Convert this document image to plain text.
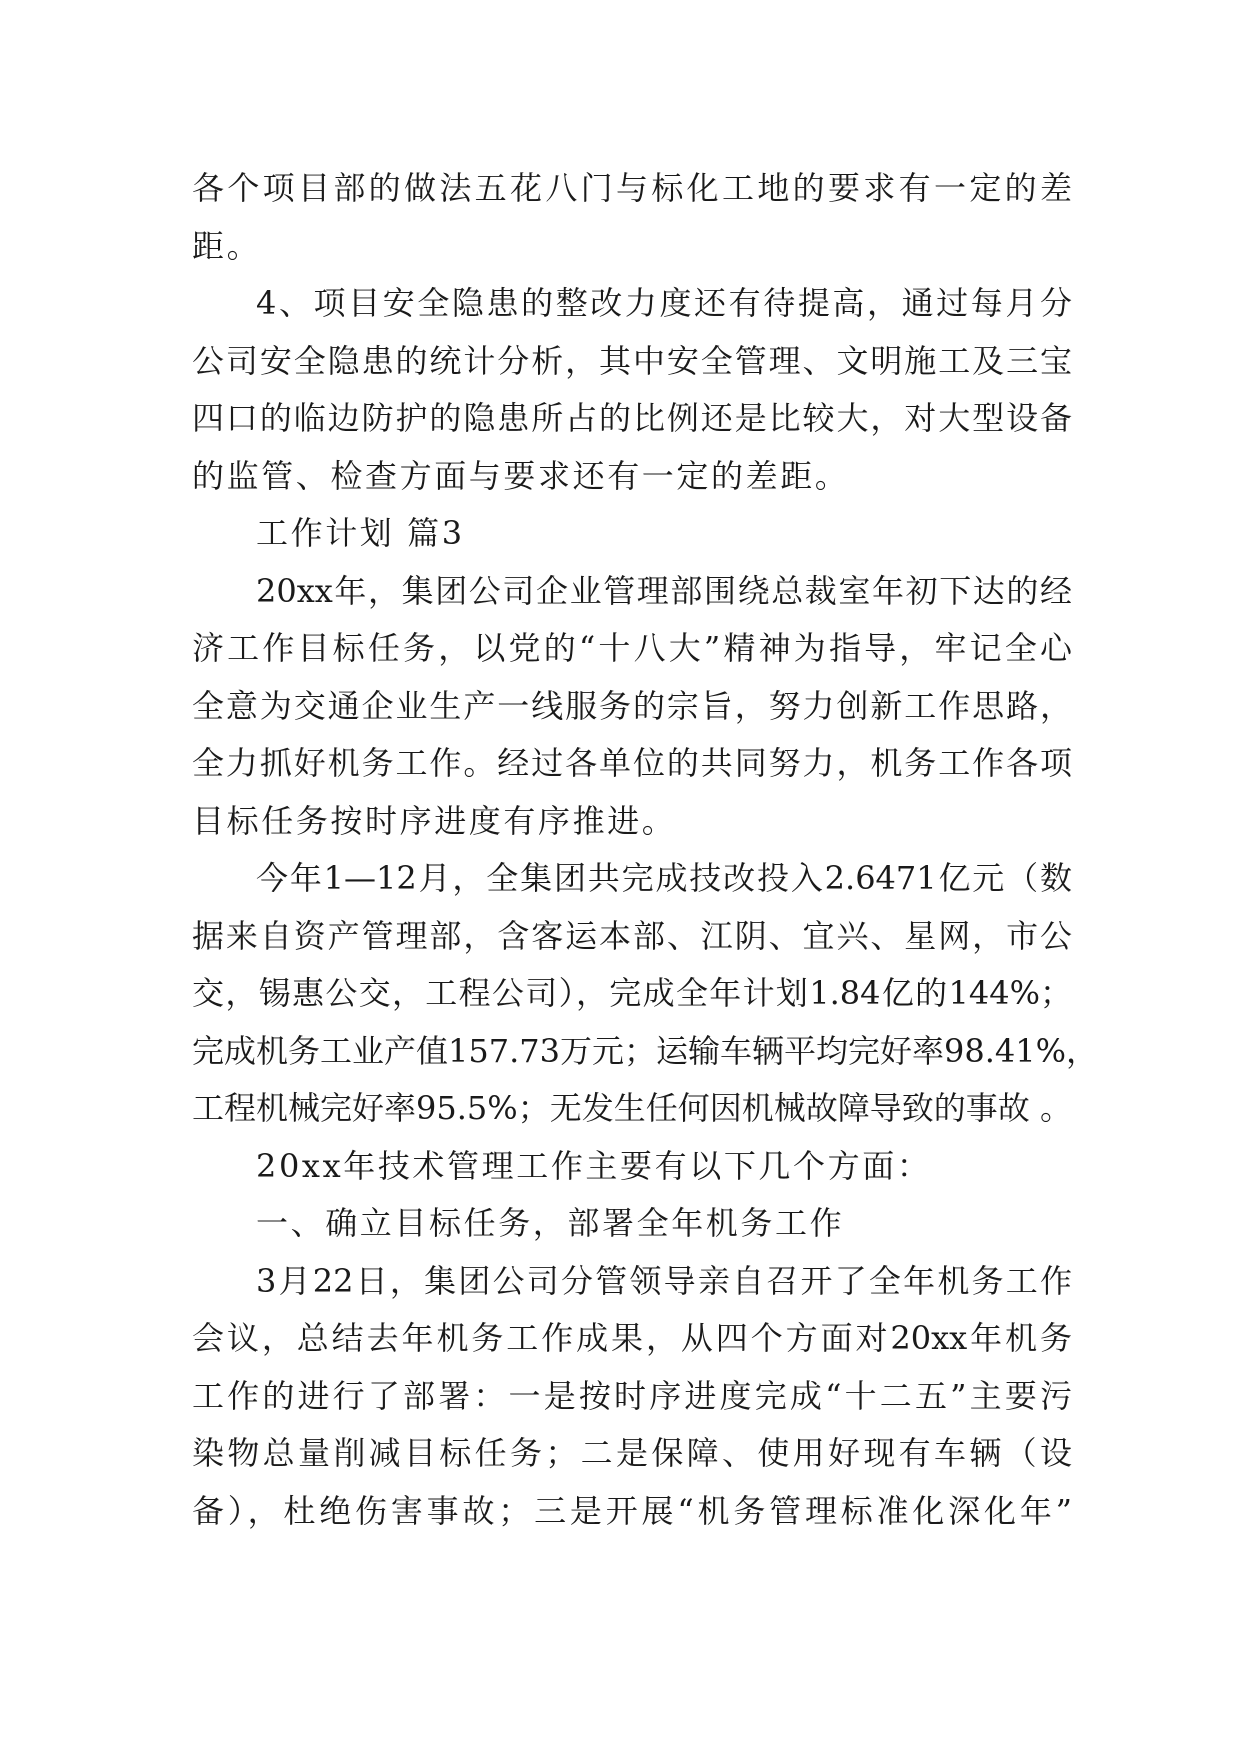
各个项目部的做法五花八门与标化工地的要求有一定的差
距。
4、项目安全隐患的整改力度还有待提高，通过每月分
公司安全隐患的统计分析，其中安全管理、文明施工及三宝
四口的临边防护的隐患所占的比例还是比较大，对大型设备
的监管、检查方面与要求还有一定的差距。
工作计划 篇3
20xx年，集团公司企业管理部围绕总裁室年初下达的经
济工作目标任务，以党的“十八大”精神为指导，牢记全心
全意为交通企业生产一线服务的宗旨，努力创新工作思路，
全力抓好机务工作。经过各单位的共同努力，机务工作各项
目标任务按时序进度有序推进。
今年1—12月，全集团共完成技改投入2.6471亿元（数
据来自资产管理部，含客运本部、江阴、宜兴、星网，市公
交，锡惠公交，工程公司），完成全年计划1.84亿的144%；
完成机务工业产值157.73万元；运输车辆平均完好率98.41%，
工程机械完好率95.5%；无发生任何因机械故障导致的事故 。
20xx年技术管理工作主要有以下几个方面：
一、确立目标任务，部署全年机务工作
3月22日，集团公司分管领导亲自召开了全年机务工作
会议，总结去年机务工作成果，从四个方面对20xx年机务
工作的进行了部署：一是按时序进度完成“十二五”主要污
染物总量削减目标任务；二是保障、使用好现有车辆（设
备），杜绝伤害事故；三是开展“机务管理标准化深化年”
